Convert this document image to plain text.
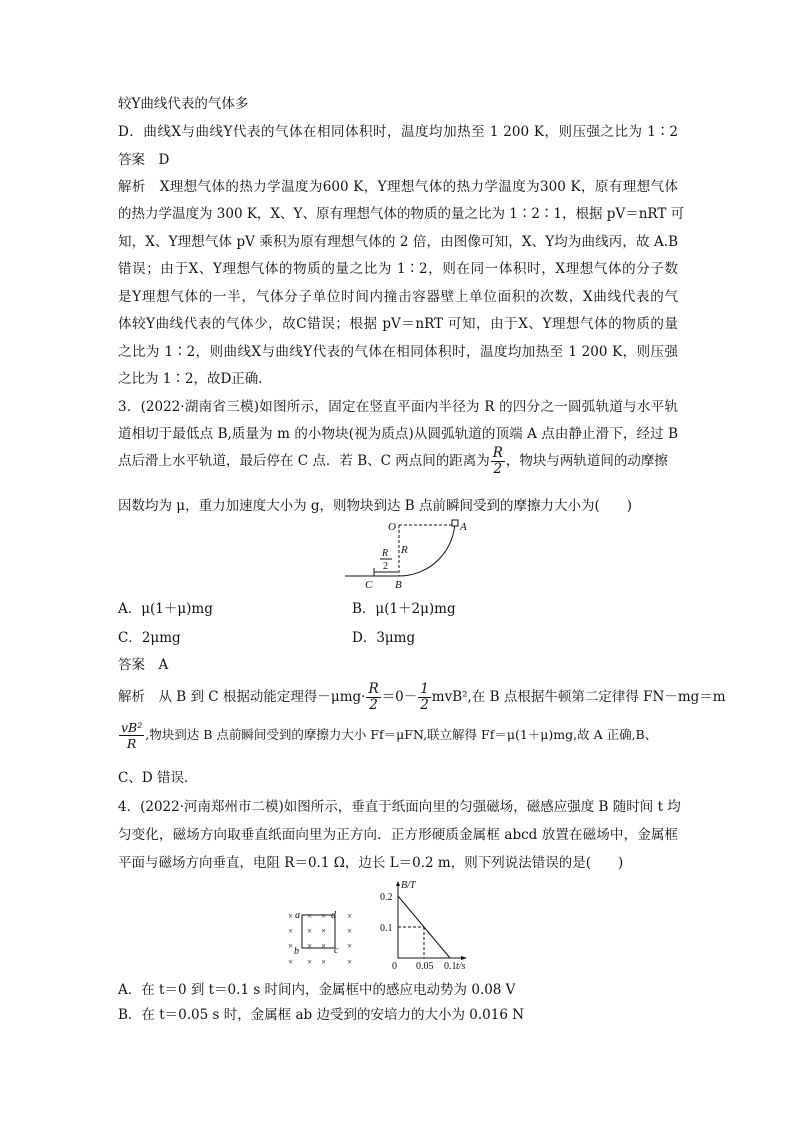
较Y曲线代表的气体多
D．曲线X与曲线Y代表的气体在相同体积时，温度均加热至 1 200 K，则压强之比为 1∶2
答案　D
解析　X理想气体的热力学温度为600 K，Y理想气体的热力学温度为300 K，原有理想气体
的热力学温度为 300 K，X、Y、原有理想气体的物质的量之比为 1∶2∶1，根据 pV＝nRT 可
知，X、Y理想气体 pV 乘积为原有理想气体的 2 倍，由图像可知，X、Y均为曲线丙，故 A.B
错误；由于X、Y理想气体的物质的量之比为 1∶2，则在同一体积时，X理想气体的分子数
是Y理想气体的一半，气体分子单位时间内撞击容器壁上单位面积的次数，X曲线代表的气
体较Y曲线代表的气体少，故C错误；根据 pV＝nRT 可知，由于X、Y理想气体的物质的量
之比为 1∶2，则曲线X与曲线Y代表的气体在相同体积时，温度均加热至 1 200 K，则压强
之比为 1∶2，故D正确．
3．(2022·湖南省三模)如图所示，固定在竖直平面内半径为 R 的四分之一圆弧轨道与水平轨
道相切于最低点 B,质量为 m 的小物块(视为质点)从圆弧轨道的顶端 A 点由静止滑下，经过 B
点后滑上水平轨道，最后停在 C 点．若 B、C 两点间的距离为 $\frac{R}{2}$ ，物块与两轨道间的动摩擦
因数均为 μ，重力加速度大小为 g，则物块到达 B 点前瞬间受到的摩擦力大小为(　　)
O	A
R
R
2
C B
A．μ(1＋μ)mg	B．μ(1＋2μ)mg
C．2μmg	D．3μmg
答案　A
解析　从 B 到 C 根据动能定理得$-\mu mg\cdot \frac{R}{2} =0- \frac{1}{2} mvB^2$,在 B 点根据牛顿第二定律得 FN－mg＝m
$\frac{\text{vB²}}{R}$ ,物块到达 B 点前瞬间受到的摩擦力大小 Ff＝μFN,联立解得 Ff＝μ(1＋μ)mg,故 A 正确,B、
C、D 错误．
4．(2022·河南郑州市二模)如图所示，垂直于纸面向里的匀强磁场，磁感应强度 B 随时间 t 均
匀变化，磁场方向取垂直纸面向里为正方向．正方形硬质金属框 abcd 放置在磁场中，金属框
平面与磁场方向垂直，电阻 R＝0.1 Ω，边长 L＝0.2 m，则下列说法错误的是(　　)
a	d
b	c
× × × ×
× × × ×
× × × ×
× × × ×
B/T
0 0.05 0.1 t/s
0.1
0.2
A．在 t＝0 到 t＝0.1 s 时间内，金属框中的感应电动势为 0.08 V
B．在 t＝0.05 s 时，金属框 ab 边受到的安培力的大小为 0.016 N
